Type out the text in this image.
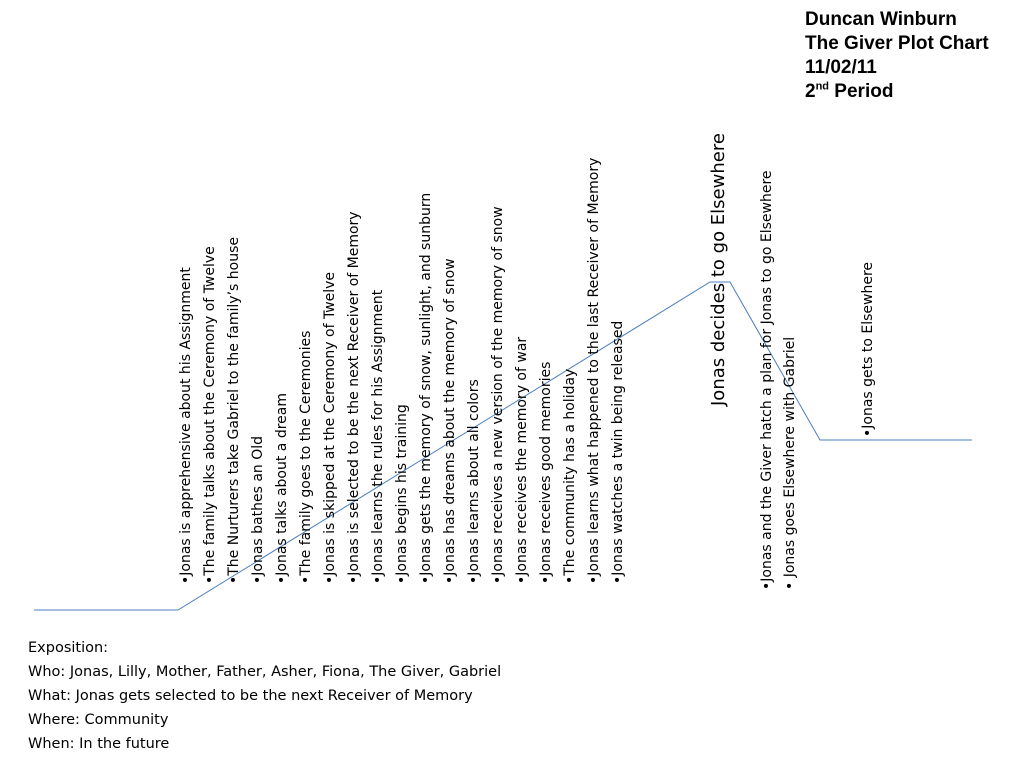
Duncan Winburn
The Giver Plot Chart
11/02/11
2nd Period
•Jonas is apprehensive about his Assignment •The family talks about the Ceremony of Twelve •The Nurturers take Gabriel to the family’s house •Jonas bathes an Old •Jonas talks about a dream •The family goes to the Ceremonies •Jonas is skipped at the Ceremony of Twelve •Jonas is selected to be the next Receiver of Memory •Jonas learns the rules for his Assignment •Jonas begins his training •Jonas gets the memory of snow, sunlight, and sunburn •Jonas has dreams about the memory of snow •Jonas learns about all colors •Jonas receives a new version of the memory of snow •Jonas receives the memory of war •Jonas receives good memories •The community has a holiday •Jonas learns what happened to the last Receiver of Memory •Jonas watches a twin being released
Jonas decides to go Elsewhere •Jonas and the Giver hatch a plan for Jonas to go Elsewhere • Jonas goes Elsewhere with Gabriel	•Jonas gets to Elsewhere
Exposition:
Who: Jonas, Lilly, Mother, Father, Asher, Fiona, The Giver, Gabriel
What: Jonas gets selected to be the next Receiver of Memory
Where: Community
When: In the future
